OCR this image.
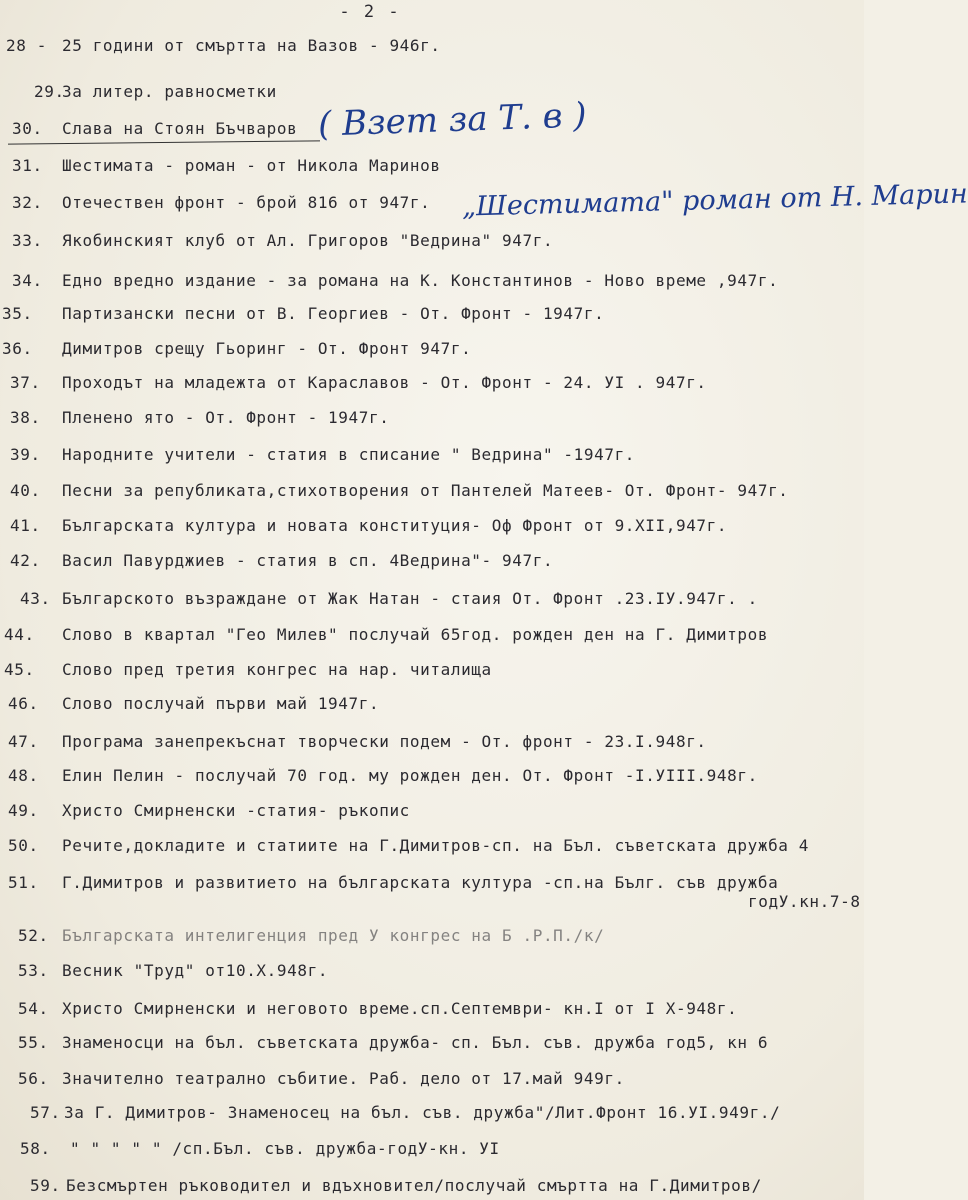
- 2 -
28 - 25 години от смъртта на Вазов - 946г.
29.
За литер. равносметки
30. Слава на Стоян Бъчваров
31. Шестимата - роман - от Никола Маринов
32. Отечествен фронт - брой 816 от 947г.
33. Якобинският клуб от Ал. Григоров "Ведрина" 947г.
34. Едно вредно издание - за романа на К. Константинов - Ново време ,947г.
35. Партизански песни от В. Георгиев - От. Фронт - 1947г.
36. Димитров срещу Гьоринг - От. Фронт 947г.
37. Проходът на младежта от Караславов - От. Фронт - 24. УI . 947г.
38. Пленено ято - От. Фронт - 1947г.
39. Народните учители - статия в списание " Ведрина" -1947г.
40. Песни за републиката,стихотворения от Пантелей Матеев- От. Фронт- 947г.
41. Българската култура и новата конституция- Оф Фронт от 9.XII,947г.
42. Васил Павурджиев - статия в сп. 4Ведрина"- 947г.
43. Българското възраждане от Жак Натан - стаия От. Фронт .23.IУ.947г. .
44. Слово в квартал "Гео Милев" послучай 65год. рожден ден на Г. Димитров
45. Слово пред третия конгрес на нар. читалища
46. Слово послучай първи май 1947г.
47. Програма занепрекъснат творчески подем - От. фронт - 23.I.948г.
48. Елин Пелин - послучай 70 год. му рожден ден. От. Фронт -I.УIII.948г.
49. Христо Смирненски -статия- ръкопис
50. Речите,докладите и статиите на Г.Димитров-сп. на Бъл. съветската дружба 4
51. Г.Димитров и развитието на българската култура -сп.на Бълг. съв дружба
годУ.кн.7-8
52. Българската интелигенция пред У конгрес на Б .Р.П./к/
53. Весник "Труд" от10.Х.948г.
54. Христо Смирненски и неговото време.сп.Септември- кн.I от I Х-948г.
55. Знаменосци на бъл. съветската дружба- сп. Бъл. съв. дружба год5, кн 6
56. Значително театрално събитие. Раб. дело от 17.май 949г.
57. За Г. Димитров- Знаменосец на бъл. съв. дружба"/Лит.Фронт 16.УI.949г./
58. " " " " " /сп.Бъл. съв. дружба-годУ-кн. УI
59. Безсмъртен ръководител и вдъхновител/послучай смъртта на Г.Димитров/
( Взет за Т. в )
„Шестимата" роман от Н. Марин
